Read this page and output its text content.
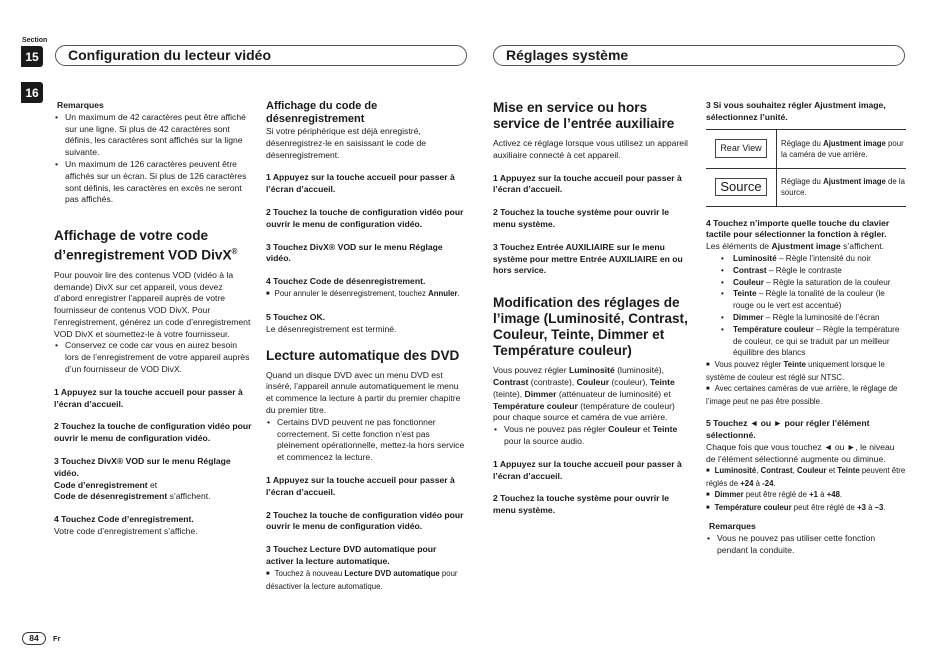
Section
15
16
Configuration du lecteur vidéo	Réglages système

Remarques

• Un maximum de 42 caractères peut être affiché sur une ligne. Si plus de 42 caractères sont définis, les caractères sont affichés sur la ligne suivante.
• Un maximum de 126 caractères peuvent être affichés sur un écran. Si plus de 126 caractères sont définis, les caractères en excès ne seront pas affichés.

Affichage de votre code d’enregistrement VOD DivX®

Pour pouvoir lire des contenus VOD (vidéo à la demande) DivX sur cet appareil, vous devez d’abord enregistrer l’appareil auprès de votre fournisseur de contenus VOD DivX. Pour l’enregistrement, générez un code d’enregistrement VOD DivX et soumettez-le à votre fournisseur.

• Conservez ce code car vous en aurez besoin lors de l’enregistrement de votre appareil auprès d’un fournisseur de VOD DivX.

1 Appuyez sur la touche accueil pour passer à l’écran d’accueil.

2 Touchez la touche de configuration vidéo pour ouvrir le menu de configuration vidéo.

3 Touchez DivX® VOD sur le menu Réglage vidéo.

Code d’enregistrement et

Code de désenregistrement s’affichent.

4 Touchez Code d’enregistrement.

Votre code d’enregistrement s’affiche.

Affichage du code de désenregistrement

Si votre périphérique est déjà enregistré, désenregistrez-le en saisissant le code de désenregistrement.

1 Appuyez sur la touche accueil pour passer à l’écran d’accueil.

2 Touchez la touche de configuration vidéo pour ouvrir le menu de configuration vidéo.

3 Touchez DivX® VOD sur le menu Réglage vidéo.

4 Touchez Code de désenregistrement.

■ Pour annuler le désenregistrement, touchez Annuler.

5 Touchez OK.

Le désenregistrement est terminé.

Lecture automatique des DVD

Quand un disque DVD avec un menu DVD est inséré, l’appareil annule automatiquement le menu et commence la lecture à partir du premier chapitre du premier titre.

• Certains DVD peuvent ne pas fonctionner correctement. Si cette fonction n’est pas pleinement opérationnelle, mettez-la hors service et commencez la lecture.

1 Appuyez sur la touche accueil pour passer à l’écran d’accueil.

2 Touchez la touche de configuration vidéo pour ouvrir le menu de configuration vidéo.

3 Touchez Lecture DVD automatique pour activer la lecture automatique.

■ Touchez à nouveau Lecture DVD automatique pour désactiver la lecture automatique.

Mise en service ou hors service de l’entrée auxiliaire

Activez ce réglage lorsque vous utilisez un appareil auxiliaire connecté à cet appareil.

1 Appuyez sur la touche accueil pour passer à l’écran d’accueil.

2 Touchez la touche système pour ouvrir le menu système.

3 Touchez Entrée AUXILIAIRE sur le menu système pour mettre Entrée AUXILIAIRE en ou hors service.

Modification des réglages de l’image (Luminosité, Contrast, Couleur, Teinte, Dimmer et Température couleur)

Vous pouvez régler Luminosité (luminosité), Contrast (contraste), Couleur (couleur), Teinte (teinte), Dimmer (atténuateur de luminosité) et Température couleur (température de couleur) pour chaque source et caméra de vue arrière.

• Vous ne pouvez pas régler Couleur et Teinte pour la source audio.

1 Appuyez sur la touche accueil pour passer à l’écran d’accueil.

2 Touchez la touche système pour ouvrir le menu système.

3 Si vous souhaitez régler Ajustment image, sélectionnez l’unité.

Rear View	Réglage du Ajustment image pour la caméra de vue arrière.
Source	Réglage du Ajustment image de la source.

4 Touchez n’importe quelle touche du clavier tactile pour sélectionner la fonction à régler.

Les éléments de Ajustment image s’affichent.

• Luminosité – Règle l’intensité du noir
• Contrast – Règle le contraste
• Couleur – Règle la saturation de la couleur
• Teinte – Règle la tonalité de la couleur (le rouge ou le vert est accentué)
• Dimmer – Règle la luminosité de l’écran
• Température couleur – Règle la température de couleur, ce qui se traduit par un meilleur équilibre des blancs

■ Vous pouvez régler Teinte uniquement lorsque le système de couleur est réglé sur NTSC.

■ Avec certaines caméras de vue arrière, le réglage de l’image peut ne pas être possible.

5 Touchez ◄ ou ► pour régler l’élément sélectionné.

Chaque fois que vous touchez ◄ ou ►, le niveau de l’élément sélectionné augmente ou diminue.

■ Luminosité, Contrast, Couleur et Teinte peuvent être réglés de +24 à -24.

■ Dimmer peut être réglé de +1 à +48.

■ Température couleur peut être réglé de +3 à –3.

Remarques

• Vous ne pouvez pas utiliser cette fonction pendant la conduite.
84	Fr
